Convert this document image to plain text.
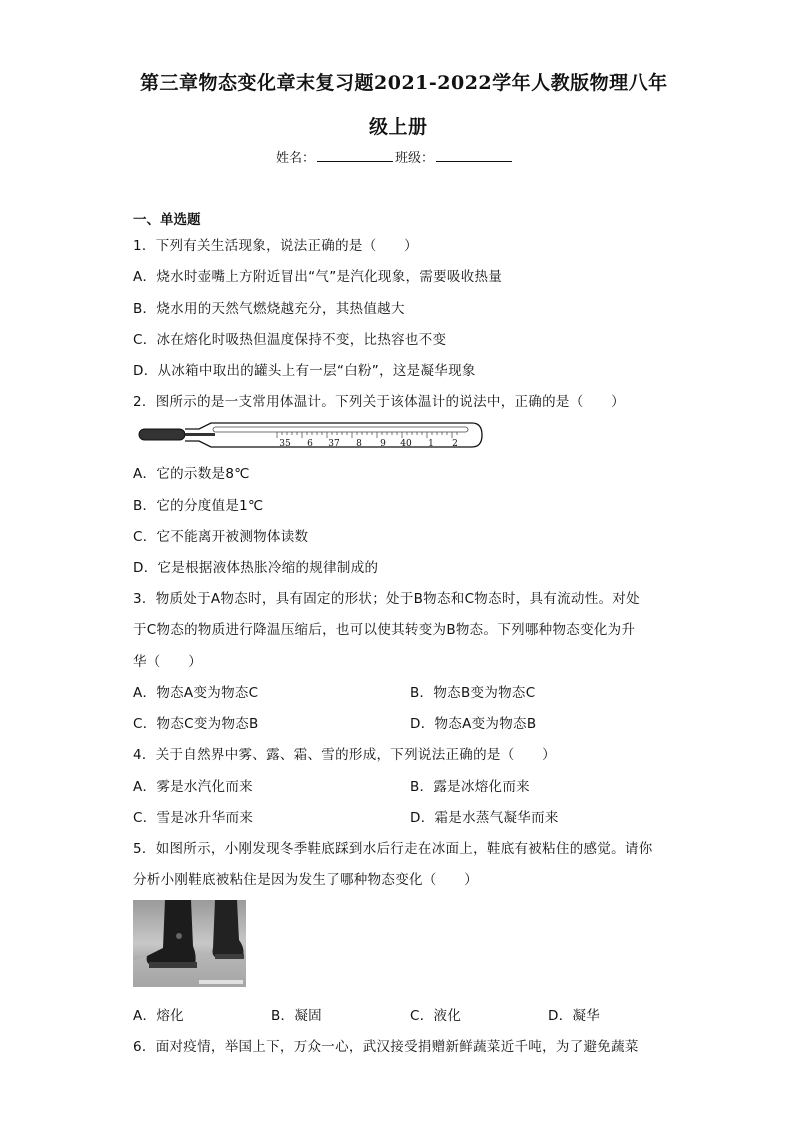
第三章物态变化章末复习题2021-2022学年人教版物理八年
级上册
姓名：	班级：
一、单选题
1．下列有关生活现象，说法正确的是（　　）
A．烧水时壶嘴上方附近冒出“气”是汽化现象，需要吸收热量
B．烧水用的天然气燃烧越充分，其热值越大
C．冰在熔化时吸热但温度保持不变，比热容也不变
D．从冰箱中取出的罐头上有一层“白粉”，这是凝华现象
2．图所示的是一支常用体温计。下列关于该体温计的说法中，正确的是（　　）
35 6 37 8 9 40 1 2
A．它的示数是8℃
B．它的分度值是1℃
C．它不能离开被测物体读数
D．它是根据液体热胀冷缩的规律制成的
3．物质处于A物态时，具有固定的形状；处于B物态和C物态时，具有流动性。对处
于C物态的物质进行降温压缩后，也可以使其转变为B物态。下列哪种物态变化为升
华（　　）
A．物态A变为物态C	B．物态B变为物态C
C．物态C变为物态B	D．物态A变为物态B
4．关于自然界中雾、露、霜、雪的形成，下列说法正确的是（　　）
A．雾是水汽化而来	B．露是冰熔化而来
C．雪是冰升华而来	D．霜是水蒸气凝华而来
5．如图所示，小刚发现冬季鞋底踩到水后行走在冰面上，鞋底有被粘住的感觉。请你
分析小刚鞋底被粘住是因为发生了哪种物态变化（　　）
A．熔化	B．凝固	C．液化	D．凝华
6．面对疫情，举国上下，万众一心，武汉接受捐赠新鲜蔬菜近千吨，为了避免蔬菜
